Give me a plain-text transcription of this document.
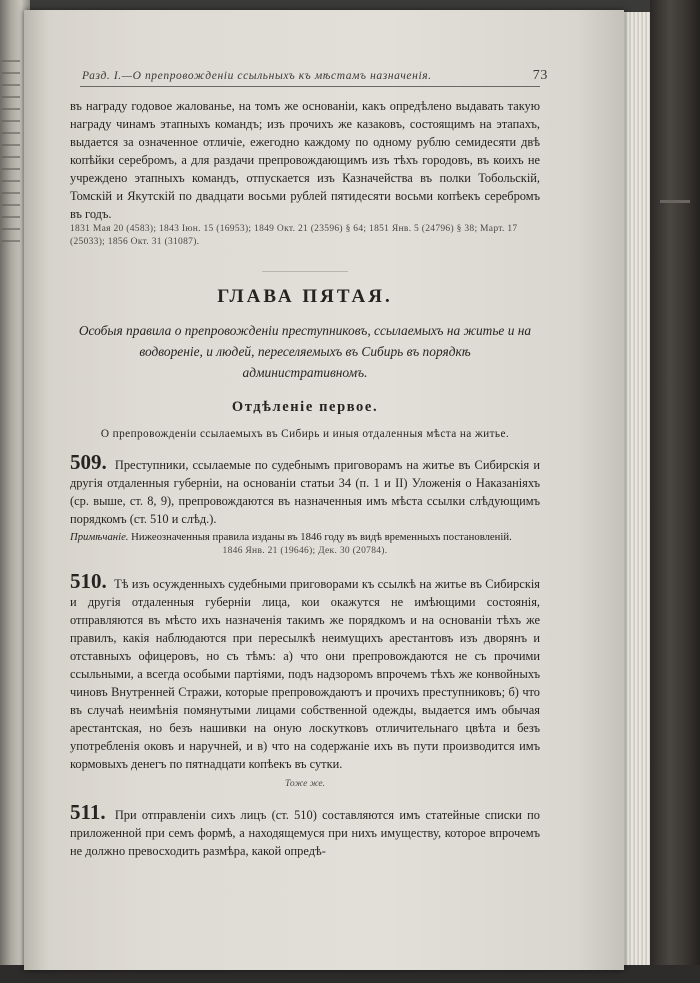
Разд. I.—О препровожденіи ссыльныхъ къ мѣстамъ назначенія.	73

въ награду годовое жалованье, на томъ же основаніи, какъ опредѣлено выдавать такую награду чинамъ этапныхъ командъ; изъ прочихъ же казаковъ, состоящимъ на этапахъ, выдается за означенное отличіе, ежегодно каждому по одному рублю семидесяти двѣ копѣйки серебромъ, а для раздачи препровождающимъ изъ тѣхъ городовъ, въ коихъ не учреждено этапныхъ командъ, отпускается изъ Казначейства въ полки Тобольскій, Томскій и Якутскій по двадцати восьми рублей пятидесяти восьми копѣекъ серебромъ въ годъ.

1831 Мая 20 (4583); 1843 Іюн. 15 (16953); 1849 Окт. 21 (23596) § 64; 1851 Янв. 5 (24796) § 38; Март. 17 (25033); 1856 Окт. 31 (31087).

ГЛАВА ПЯТАЯ.

Особыя правила о препровожденіи преступниковъ, ссылаемыхъ на житье и на водвореніе, и людей, переселяемыхъ въ Сибирь въ порядкѣ административномъ.

Отдѣленіе первое.

О препровожденіи ссылаемыхъ въ Сибирь и иныя отдаленныя мѣста на житье.

509. Преступники, ссылаемые по судебнымъ приговорамъ на житье въ Сибирскія и другія отдаленныя губерніи, на основаніи статьи 34 (п. 1 и II) Уложенія о Наказаніяхъ (ср. выше, ст. 8, 9), препровождаются въ назначенныя имъ мѣста ссылки слѣдующимъ порядкомъ (ст. 510 и слѣд.).

Примѣчаніе. Нижеозначенныя правила изданы въ 1846 году въ видѣ временныхъ постановленій.

1846 Янв. 21 (19646); Дек. 30 (20784).

510. Тѣ изъ осужденныхъ судебными приговорами къ ссылкѣ на житье въ Сибирскія и другія отдаленныя губерніи лица, кои окажутся не имѣющими состоянія, отправляются въ мѣсто ихъ назначенія такимъ же порядкомъ и на основаніи тѣхъ же правилъ, какія наблюдаются при пересылкѣ неимущихъ арестантовъ изъ дворянъ и отставныхъ офицеровъ, но съ тѣмъ: а) что они препровождаются не съ прочими ссыльными, а всегда особыми партіями, подъ надзоромъ впрочемъ тѣхъ же конвойныхъ чиновъ Внутренней Стражи, которые препровождаютъ и прочихъ преступниковъ; б) что въ случаѣ неимѣнія помянутыми лицами собственной одежды, выдается имъ обычая арестантская, но безъ нашивки на оную лоскутковъ отличительнаго цвѣта и безъ употребленія оковъ и наручней, и в) что на содержаніе ихъ въ пути производится имъ кормовыхъ денегъ по пятнадцати копѣекъ въ сутки.

Тоже же.

511. При отправленіи сихъ лицъ (ст. 510) составляются имъ статейные списки по приложенной при семъ формѣ, а находящемуся при нихъ имуществу, которое впрочемъ не должно превосходить размѣра, какой опредѣ-
